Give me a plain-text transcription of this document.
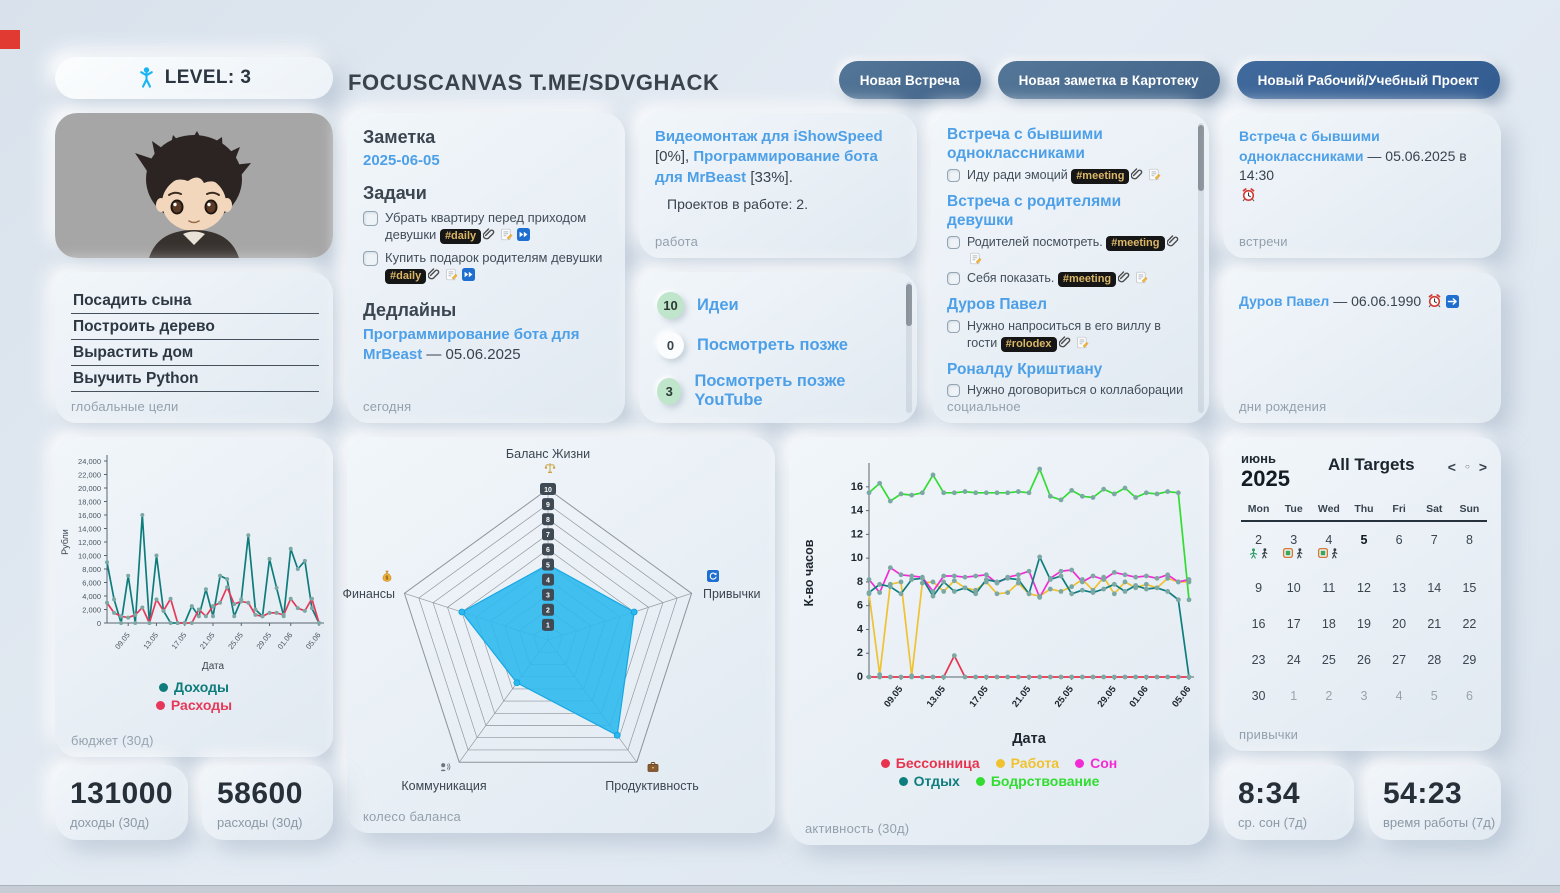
LEVEL: 3	FOCUSCANVAS T.ME/SDVGHACK	Новая Встреча	Новая заметка в Картотеку	Новый Рабочий/Учебный Проект
Посадить сына
Построить дерево
Вырастить дом
Выучить Python
глобальные цели
Заметка
2025-06-05
Задачи
Убрать квартиру перед приходом девушки #daily
Купить подарок родителям девушки #daily
Дедлайны
Программирование бота для MrBeast — 05.06.2025
сегодня
Видеомонтаж для iShowSpeed [0%], Программирование бота для MrBeast [33%].
Проектов в работе: 2.
работа
10	Идеи
0	Посмотреть позже
3
Посмотреть позже YouTube
Встреча с бывшими одноклассниками
Иду ради эмоций #meeting
Встреча с родителями девушки
Родителей посмотреть. #meeting
Себя показать. #meeting
Дуров Павел
Нужно напроситься в его виллу в гости #rolodex
Роналду Криштиану
Нужно договориться о коллаборации
социальное
Встреча с бывшими одноклассниками — 05.06.2025 в 14:30
встречи
Дуров Павел — 06.06.1990
дни рождения
0
2,000
4,000
6,000
8,000
10,000
12,000
14,000
16,000
18,000
20,000
22,000
24,000
09.05 13.05 17.05 21.05 25.05 29.05 01.06 05.06
Рубли
Дата
Доходы
Расходы
бюджет (30д)
1
2
3
4
5
6
7
8
9
10
Баланс Жизни
Привычки
Продуктивность
Коммуникация
Финансы
$
колесо баланса
0
2
4
6
8
10
12
14
16
09.05 13.05 17.05 21.05 25.05 29.05 01.06 05.06
К-во часов
Дата
Бессонница Работа Сон
Отдых Бодрствование
активность (30д)
июнь
2025
All Targets < ○ >
Mon	Tue	Wed	Thu	Fri	Sat	Sun
2	3	4	5	6	7	8
9	10	11	12	13	14	15
16	17	18	19	20	21	22
23	24	25	26	27	28	29
30	1	2	3	4	5	6
привычки
131000
доходы (30д)
58600
расходы (30д)
8:34
ср. сон (7д)
54:23
время работы (7д)
